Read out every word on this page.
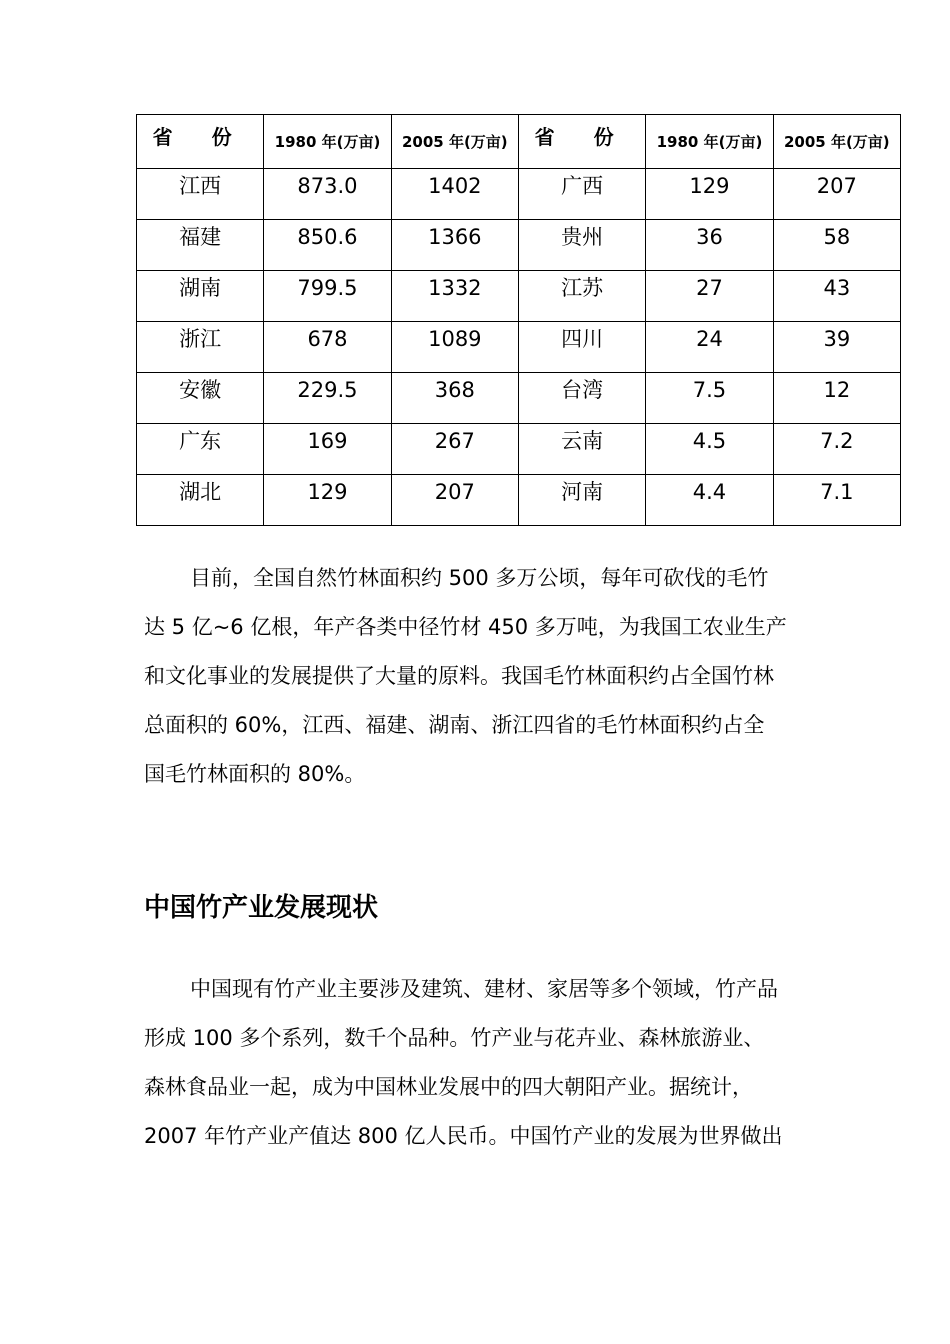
省 份	1980 年(万亩)	2005 年(万亩)	省 份	1980 年(万亩)	2005 年(万亩)
江西	873.0	1402	广西	129	207
福建	850.6	1366	贵州	36	58
湖南	799.5	1332	江苏	27	43
浙江	678	1089	四川	24	39
安徽	229.5	368	台湾	7.5	12
广东	169	267	云南	4.5	7.2
湖北	129	207	河南	4.4	7.1

目前，全国自然竹林面积约 500 多万公顷，每年可砍伐的毛竹
达 5 亿~6 亿根，年产各类中径竹材 450 多万吨，为我国工农业生产
和文化事业的发展提供了大量的原料。我国毛竹林面积约占全国竹林
总面积的 60%，江西、福建、湖南、浙江四省的毛竹林面积约占全
国毛竹林面积的 80%。

中国竹产业发展现状

中国现有竹产业主要涉及建筑、建材、家居等多个领域，竹产品
形成 100 多个系列，数千个品种。竹产业与花卉业、森林旅游业、
森林食品业一起，成为中国林业发展中的四大朝阳产业。据统计，
2007 年竹产业产值达 800 亿人民币。中国竹产业的发展为世界做出
